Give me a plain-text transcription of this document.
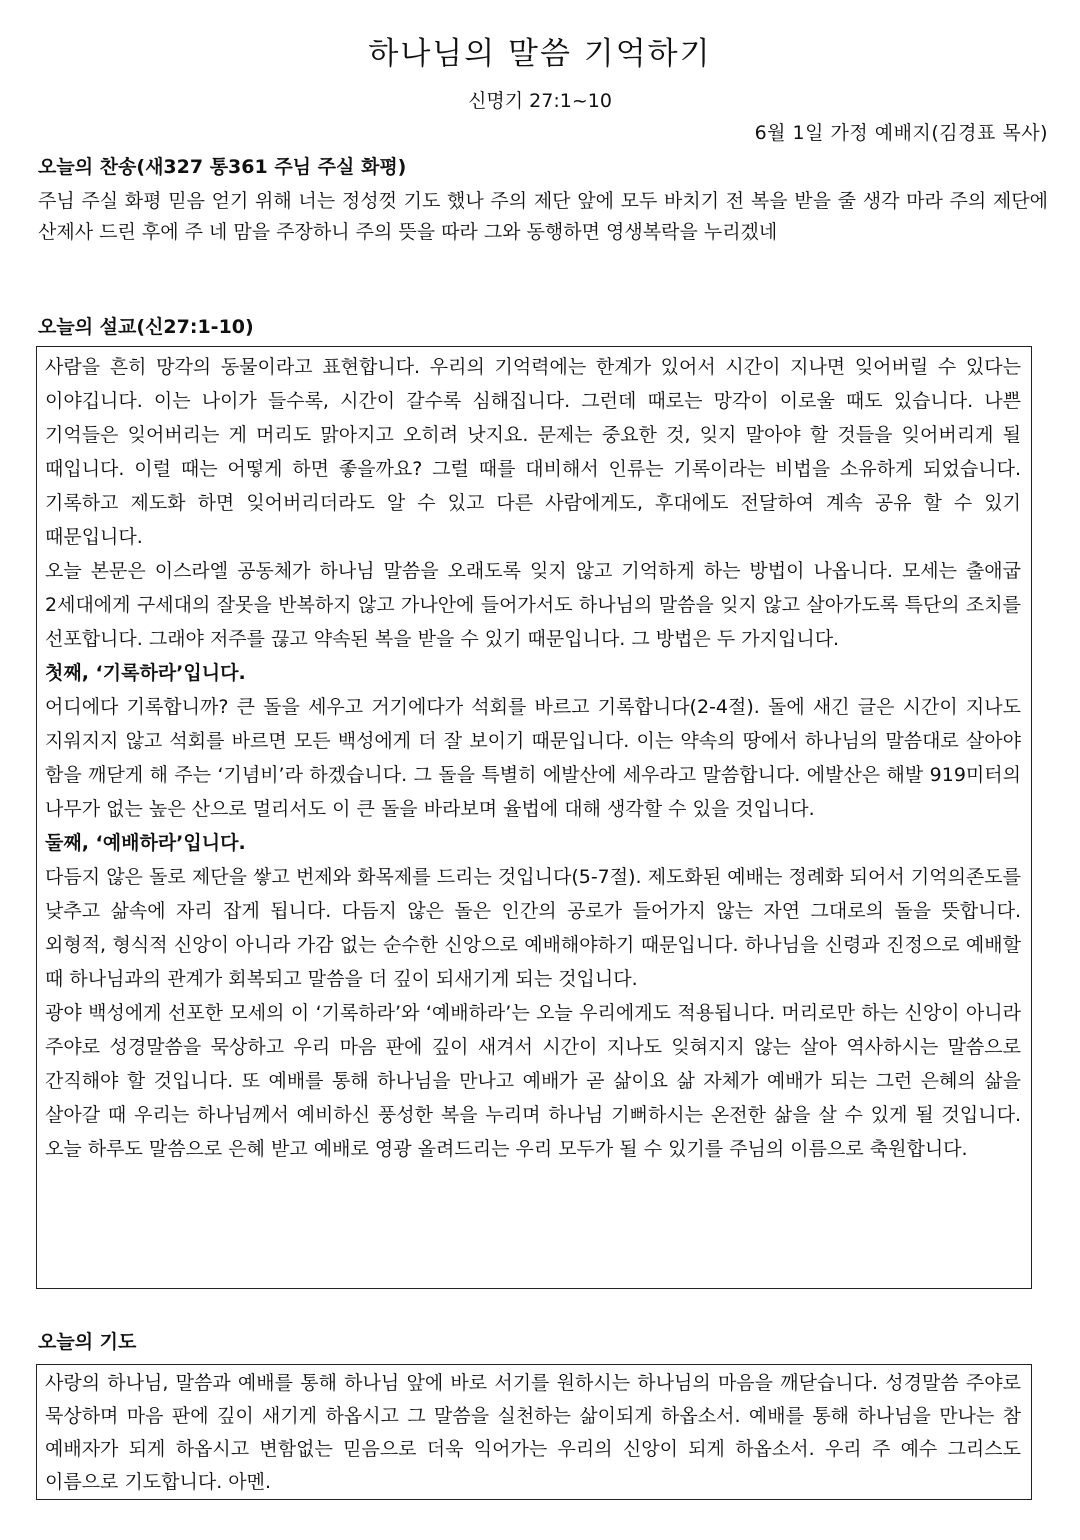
하나님의 말씀 기억하기
신명기 27:1~10
6월 1일 가정 예배지(김경표 목사)
오늘의 찬송(새327 통361 주님 주실 화평)
주님 주실 화평 믿음 얻기 위해 너는 정성껏 기도 했나 주의 제단 앞에 모두 바치기 전 복을 받을 줄 생각 마라 주의 제단에 산제사 드린 후에 주 네 맘을 주장하니 주의 뜻을 따라 그와 동행하면 영생복락을 누리겠네
오늘의 설교(신27:1-10)

사람을 흔히 망각의 동물이라고 표현합니다. 우리의 기억력에는 한계가 있어서 시간이 지나면 잊어버릴 수 있다는 이야깁니다. 이는 나이가 들수록, 시간이 갈수록 심해집니다. 그런데 때로는 망각이 이로울 때도 있습니다. 나쁜 기억들은 잊어버리는 게 머리도 맑아지고 오히려 낫지요. 문제는 중요한 것, 잊지 말아야 할 것들을 잊어버리게 될 때입니다. 이럴 때는 어떻게 하면 좋을까요? 그럴 때를 대비해서 인류는 기록이라는 비법을 소유하게 되었습니다. 기록하고 제도화 하면 잊어버리더라도 알 수 있고 다른 사람에게도, 후대에도 전달하여 계속 공유 할 수 있기 때문입니다.

오늘 본문은 이스라엘 공동체가 하나님 말씀을 오래도록 잊지 않고 기억하게 하는 방법이 나옵니다. 모세는 출애굽 2세대에게 구세대의 잘못을 반복하지 않고 가나안에 들어가서도 하나님의 말씀을 잊지 않고 살아가도록 특단의 조치를 선포합니다. 그래야 저주를 끊고 약속된 복을 받을 수 있기 때문입니다. 그 방법은 두 가지입니다.

첫째, ‘기록하라’입니다.

어디에다 기록합니까? 큰 돌을 세우고 거기에다가 석회를 바르고 기록합니다(2-4절). 돌에 새긴 글은 시간이 지나도 지워지지 않고 석회를 바르면 모든 백성에게 더 잘 보이기 때문입니다. 이는 약속의 땅에서 하나님의 말씀대로 살아야 함을 깨닫게 해 주는 ‘기념비’라 하겠습니다. 그 돌을 특별히 에발산에 세우라고 말씀합니다. 에발산은 해발 919미터의 나무가 없는 높은 산으로 멀리서도 이 큰 돌을 바라보며 율법에 대해 생각할 수 있을 것입니다.

둘째, ‘예배하라’입니다.

다듬지 않은 돌로 제단을 쌓고 번제와 화목제를 드리는 것입니다(5-7절). 제도화된 예배는 정례화 되어서 기억의존도를 낮추고 삶속에 자리 잡게 됩니다. 다듬지 않은 돌은 인간의 공로가 들어가지 않는 자연 그대로의 돌을 뜻합니다. 외형적, 형식적 신앙이 아니라 가감 없는 순수한 신앙으로 예배해야하기 때문입니다. 하나님을 신령과 진정으로 예배할 때 하나님과의 관계가 회복되고 말씀을 더 깊이 되새기게 되는 것입니다.

광야 백성에게 선포한 모세의 이 ‘기록하라’와 ‘예배하라’는 오늘 우리에게도 적용됩니다. 머리로만 하는 신앙이 아니라 주야로 성경말씀을 묵상하고 우리 마음 판에 깊이 새겨서 시간이 지나도 잊혀지지 않는 살아 역사하시는 말씀으로 간직해야 할 것입니다. 또 예배를 통해 하나님을 만나고 예배가 곧 삶이요 삶 자체가 예배가 되는 그런 은혜의 삶을 살아갈 때 우리는 하나님께서 예비하신 풍성한 복을 누리며 하나님 기뻐하시는 온전한 삶을 살 수 있게 될 것입니다. 오늘 하루도 말씀으로 은혜 받고 예배로 영광 올려드리는 우리 모두가 될 수 있기를 주님의 이름으로 축원합니다.

오늘의 기도

사랑의 하나님, 말씀과 예배를 통해 하나님 앞에 바로 서기를 원하시는 하나님의 마음을 깨닫습니다. 성경말씀 주야로 묵상하며 마음 판에 깊이 새기게 하옵시고 그 말씀을 실천하는 삶이되게 하옵소서. 예배를 통해 하나님을 만나는 참 예배자가 되게 하옵시고 변함없는 믿음으로 더욱 익어가는 우리의 신앙이 되게 하옵소서. 우리 주 예수 그리스도 이름으로 기도합니다. 아멘.
